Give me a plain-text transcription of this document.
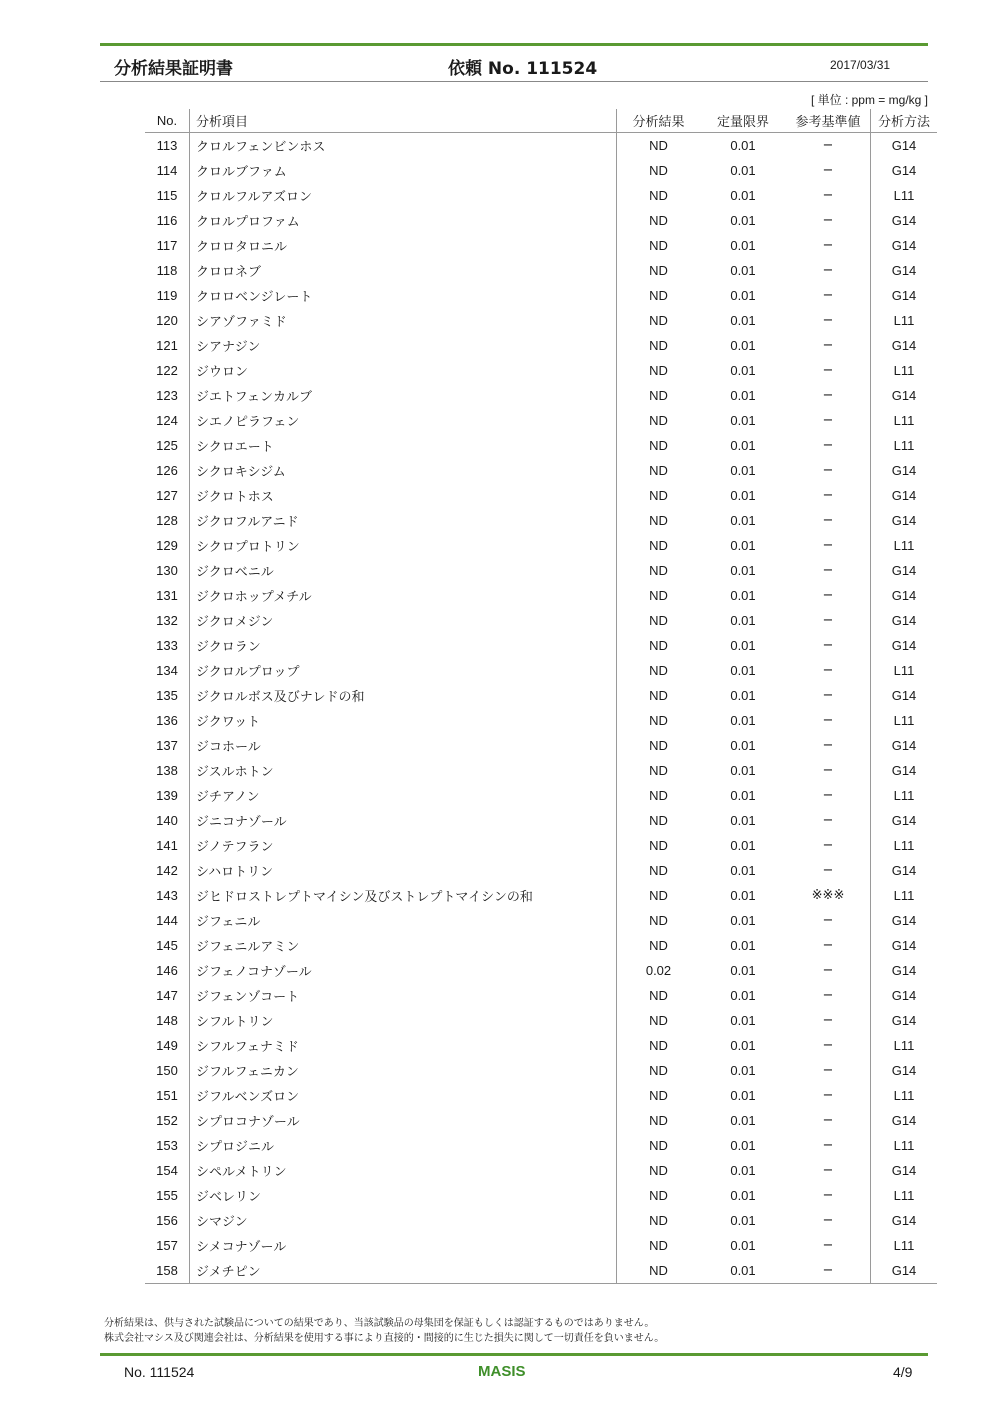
分析結果証明書	依頼 No. 111524	2017/03/31
[ 単位 : ppm = mg/kg ]
No.	分析項目	分析結果	定量限界	参考基準値	分析方法
113	クロルフェンビンホス	ND	0.01	−	G14
114	クロルブファム	ND	0.01	−	G14
115	クロルフルアズロン	ND	0.01	−	L11
116	クロルプロファム	ND	0.01	−	G14
117	クロロタロニル	ND	0.01	−	G14
118	クロロネブ	ND	0.01	−	G14
119	クロロベンジレート	ND	0.01	−	G14
120	シアゾファミド	ND	0.01	−	L11
121	シアナジン	ND	0.01	−	G14
122	ジウロン	ND	0.01	−	L11
123	ジエトフェンカルブ	ND	0.01	−	G14
124	シエノピラフェン	ND	0.01	−	L11
125	シクロエート	ND	0.01	−	L11
126	シクロキシジム	ND	0.01	−	G14
127	ジクロトホス	ND	0.01	−	G14
128	ジクロフルアニド	ND	0.01	−	G14
129	シクロプロトリン	ND	0.01	−	L11
130	ジクロベニル	ND	0.01	−	G14
131	ジクロホップメチル	ND	0.01	−	G14
132	ジクロメジン	ND	0.01	−	G14
133	ジクロラン	ND	0.01	−	G14
134	ジクロルプロップ	ND	0.01	−	L11
135	ジクロルボス及びナレドの和	ND	0.01	−	G14
136	ジクワット	ND	0.01	−	L11
137	ジコホール	ND	0.01	−	G14
138	ジスルホトン	ND	0.01	−	G14
139	ジチアノン	ND	0.01	−	L11
140	ジニコナゾール	ND	0.01	−	G14
141	ジノテフラン	ND	0.01	−	L11
142	シハロトリン	ND	0.01	−	G14
143	ジヒドロストレプトマイシン及びストレプトマイシンの和	ND	0.01	※※※	L11
144	ジフェニル	ND	0.01	−	G14
145	ジフェニルアミン	ND	0.01	−	G14
146	ジフェノコナゾール	0.02	0.01	−	G14
147	ジフェンゾコート	ND	0.01	−	G14
148	シフルトリン	ND	0.01	−	G14
149	シフルフェナミド	ND	0.01	−	L11
150	ジフルフェニカン	ND	0.01	−	G14
151	ジフルベンズロン	ND	0.01	−	L11
152	シプロコナゾール	ND	0.01	−	G14
153	シプロジニル	ND	0.01	−	L11
154	シペルメトリン	ND	0.01	−	G14
155	ジベレリン	ND	0.01	−	L11
156	シマジン	ND	0.01	−	G14
157	シメコナゾール	ND	0.01	−	L11
158	ジメチピン	ND	0.01	−	G14
分析結果は、供与された試験品についての結果であり、当該試験品の母集団を保証もしくは認証するものではありません。
株式会社マシス及び関連会社は、分析結果を使用する事により直接的・間接的に生じた損失に関して一切責任を負いません。
No. 111524	MASIS	4/9
